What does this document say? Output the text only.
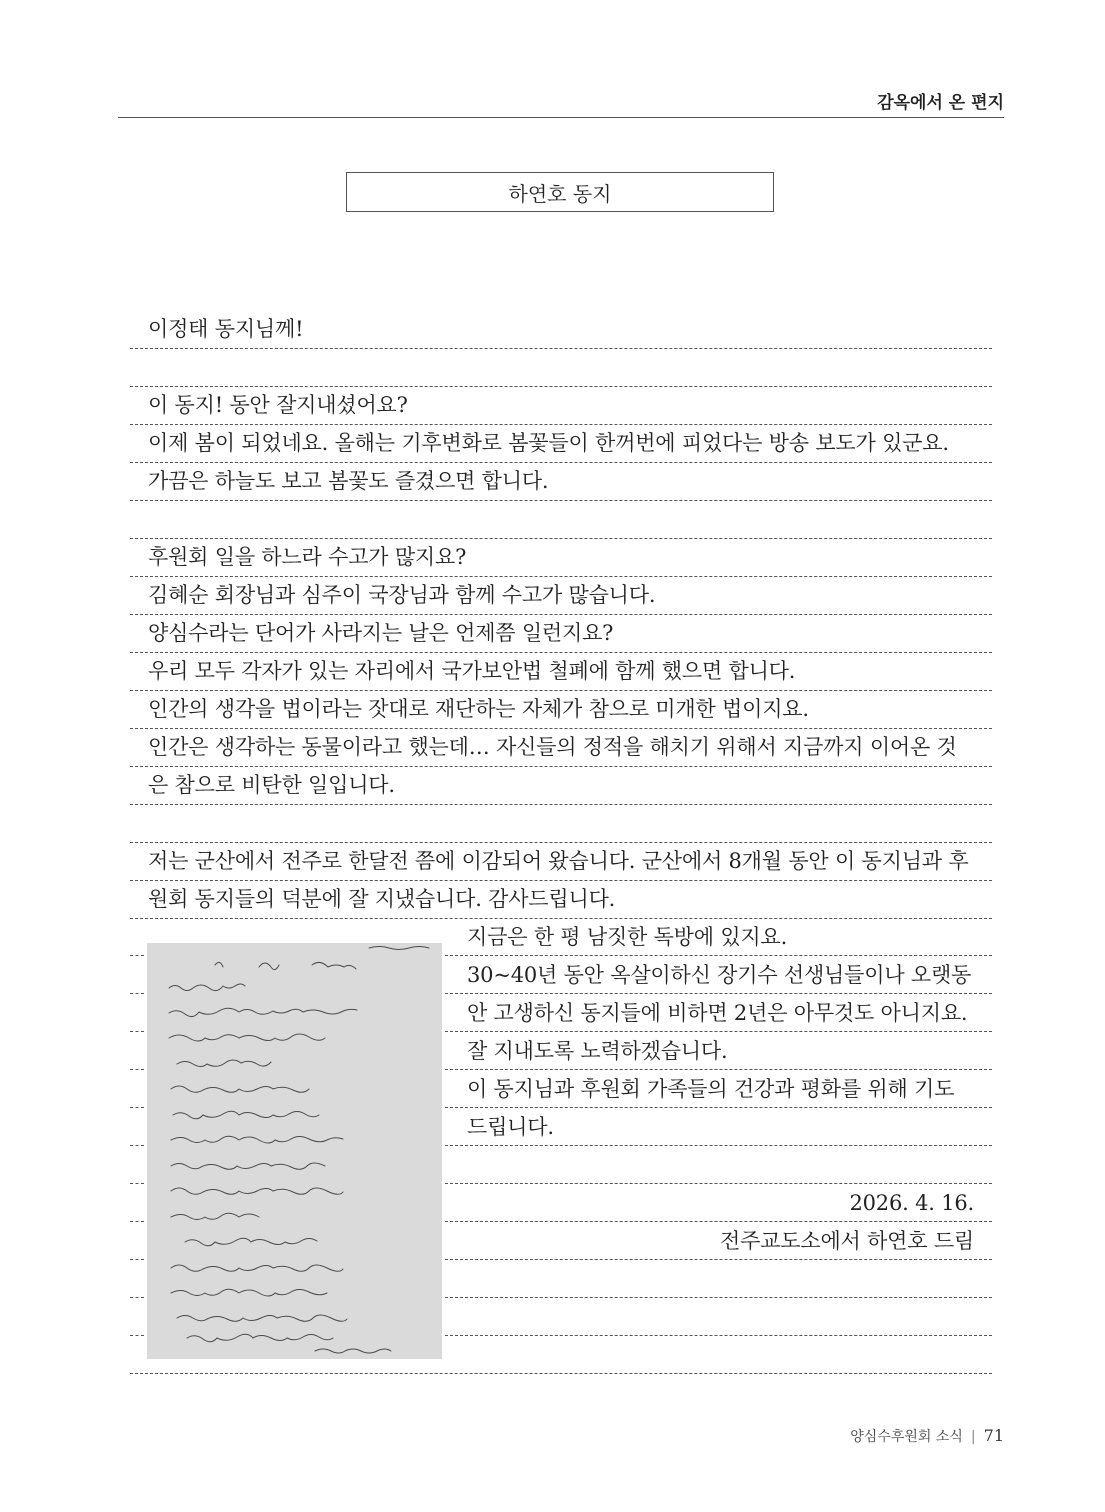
감옥에서 온 편지
하연호 동지
이정태 동지님께!
이 동지! 동안 잘지내셨어요?
이제 봄이 되었네요. 올해는 기후변화로 봄꽃들이 한꺼번에 피었다는 방송 보도가 있군요.
가끔은 하늘도 보고 봄꽃도 즐겼으면 합니다.
후원회 일을 하느라 수고가 많지요?
김혜순 회장님과 심주이 국장님과 함께 수고가 많습니다.
양심수라는 단어가 사라지는 날은 언제쯤 일런지요?
우리 모두 각자가 있는 자리에서 국가보안법 철폐에 함께 했으면 합니다.
인간의 생각을 법이라는 잣대로 재단하는 자체가 참으로 미개한 법이지요.
인간은 생각하는 동물이라고 했는데… 자신들의 정적을 해치기 위해서 지금까지 이어온 것
은 참으로 비탄한 일입니다.
저는 군산에서 전주로 한달전 쯤에 이감되어 왔습니다. 군산에서 8개월 동안 이 동지님과 후
원회 동지들의 덕분에 잘 지냈습니다. 감사드립니다.
지금은 한 평 남짓한 독방에 있지요.
30~40년 동안 옥살이하신 장기수 선생님들이나 오랫동
안 고생하신 동지들에 비하면 2년은 아무것도 아니지요.
잘 지내도록 노력하겠습니다.
이 동지님과 후원회 가족들의 건강과 평화를 위해 기도
드립니다.
2026. 4. 16.
전주교도소에서 하연호 드림
양심수후원회 소식 | 71
